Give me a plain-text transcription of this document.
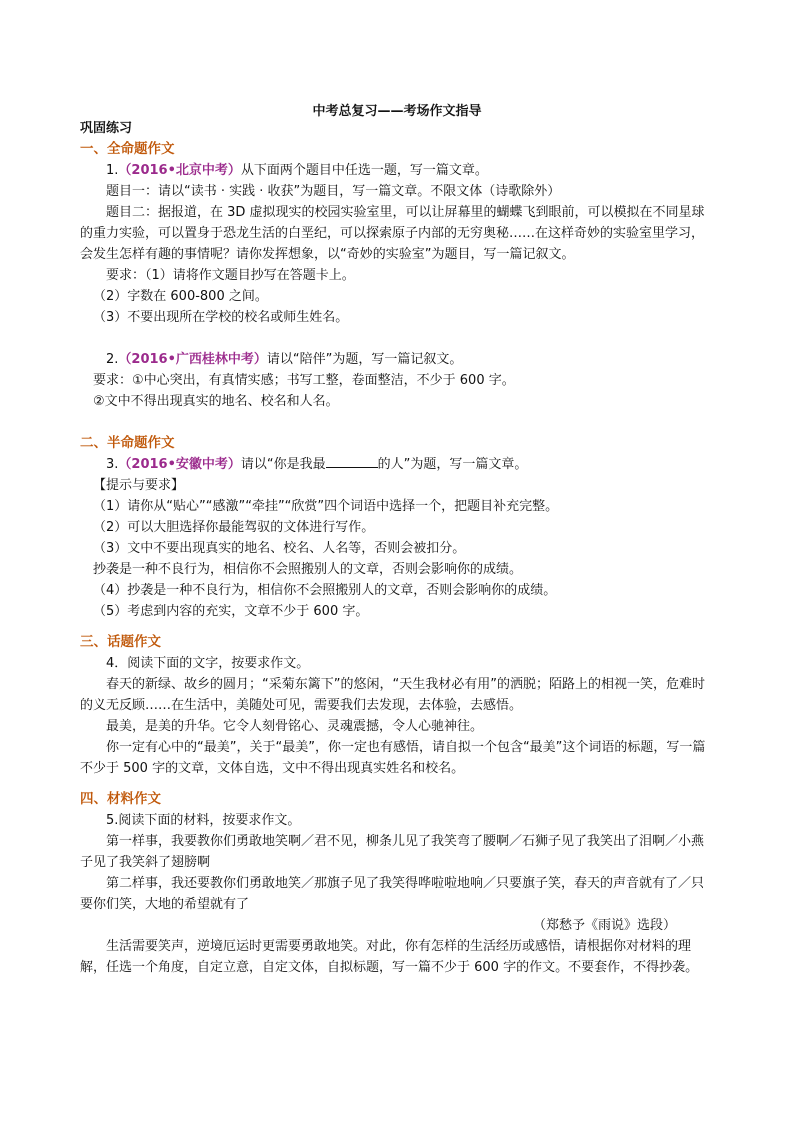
中考总复习——考场作文指导

巩固练习

一、全命题作文

1.（2016•北京中考）从下面两个题目中任选一题，写一篇文章。

题目一：请以“读书 · 实践 · 收获”为题目，写一篇文章。不限文体（诗歌除外）

题目二：据报道，在 3D 虚拟现实的校园实验室里，可以让屏幕里的蝴蝶飞到眼前，可以模拟在不同星球的重力实验，可以置身于恐龙生活的白垩纪，可以探索原子内部的无穷奥秘……在这样奇妙的实验室里学习，会发生怎样有趣的事情呢？请你发挥想象，以“奇妙的实验室”为题目，写一篇记叙文。

要求：（1）请将作文题目抄写在答题卡上。

（2）字数在 600-800 之间。

（3）不要出现所在学校的校名或师生姓名。

2.（2016•广西桂林中考）请以“陪伴”为题，写一篇记叙文。

要求：①中心突出，有真情实感；书写工整，卷面整洁，不少于 600 字。

②文中不得出现真实的地名、校名和人名。

二、半命题作文

3.（2016•安徽中考）请以“你是我最	的人”为题，写一篇文章。

【提示与要求】

（1）请你从“贴心”“感激”“牵挂”“欣赏”四个词语中选择一个，把题目补充完整。

（2）可以大胆选择你最能驾驭的文体进行写作。

（3）文中不要出现真实的地名、校名、人名等，否则会被扣分。

抄袭是一种不良行为，相信你不会照搬别人的文章，否则会影响你的成绩。

（4）抄袭是一种不良行为，相信你不会照搬别人的文章，否则会影响你的成绩。

（5）考虑到内容的充实，文章不少于 600 字。

三、话题作文

4．阅读下面的文字，按要求作文。

春天的新绿、故乡的圆月；“采菊东篱下”的悠闲，“天生我材必有用”的洒脱；陌路上的相视一笑，危难时的义无反顾……在生活中，美随处可见，需要我们去发现，去体验，去感悟。

最美，是美的升华。它令人刻骨铭心、灵魂震撼，令人心驰神往。

你一定有心中的“最美”，关于“最美”，你一定也有感悟，请自拟一个包含“最美”这个词语的标题，写一篇不少于 500 字的文章，文体自选，文中不得出现真实姓名和校名。

四、材料作文

5.阅读下面的材料，按要求作文。

第一样事，我要教你们勇敢地笑啊／君不见，柳条儿见了我笑弯了腰啊／石狮子见了我笑出了泪啊／小燕子见了我笑斜了翅膀啊

第二样事，我还要教你们勇敢地笑／那旗子见了我笑得哗啦啦地响／只要旗子笑，春天的声音就有了／只要你们笑，大地的希望就有了

（郑愁予《雨说》选段）

生活需要笑声，逆境厄运时更需要勇敢地笑。对此，你有怎样的生活经历或感悟，请根据你对材料的理解，任选一个角度，自定立意，自定文体，自拟标题，写一篇不少于 600 字的作文。不要套作，不得抄袭。
